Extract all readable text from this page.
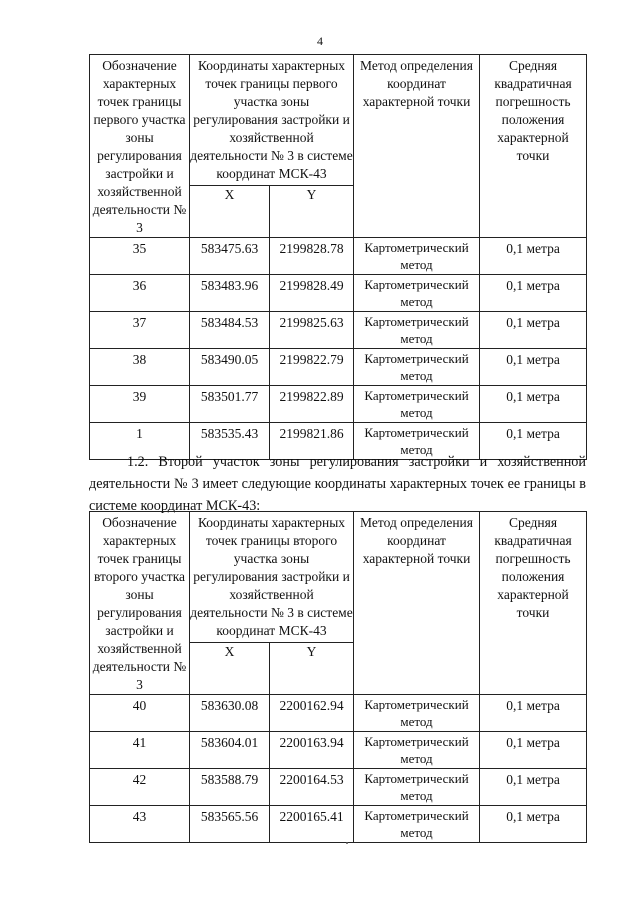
4
Обозначение характерных точек границы первого участка зоны регулирования застройки и хозяйственной деятельности № 3	Координаты характерных точек границы первого участка зоны регулирования застройки и хозяйственной деятельности № 3 в системе координат МСК-43		Метод определения координат характерной точки	Средняя квадратичная погрешность положения характерной точки
	X	Y		
35	583475.63	2199828.78	Картометрический метод	0,1 метра
36	583483.96	2199828.49	Картометрический метод	0,1 метра
37	583484.53	2199825.63	Картометрический метод	0,1 метра
38	583490.05	2199822.79	Картометрический метод	0,1 метра
39	583501.77	2199822.89	Картометрический метод	0,1 метра
1	583535.43	2199821.86	Картометрический метод	0,1 метра
1.2. Второй участок зоны регулирования застройки и хозяйственной деятельности № 3 имеет следующие координаты характерных точек ее границы в системе координат МСК-43:
Обозначение характерных точек границы второго участка зоны регулирования застройки и хозяйственной деятельности № 3	Координаты характерных точек границы второго участка зоны регулирования застройки и хозяйственной деятельности № 3 в системе координат МСК-43		Метод определения координат характерной точки	Средняя квадратичная погрешность положения характерной точки
	X	Y		
40	583630.08	2200162.94	Картометрический метод	0,1 метра
41	583604.01	2200163.94	Картометрический метод	0,1 метра
42	583588.79	2200164.53	Картометрический метод	0,1 метра
43	583565.56	2200165.41	Картометрический метод	0,1 метра
